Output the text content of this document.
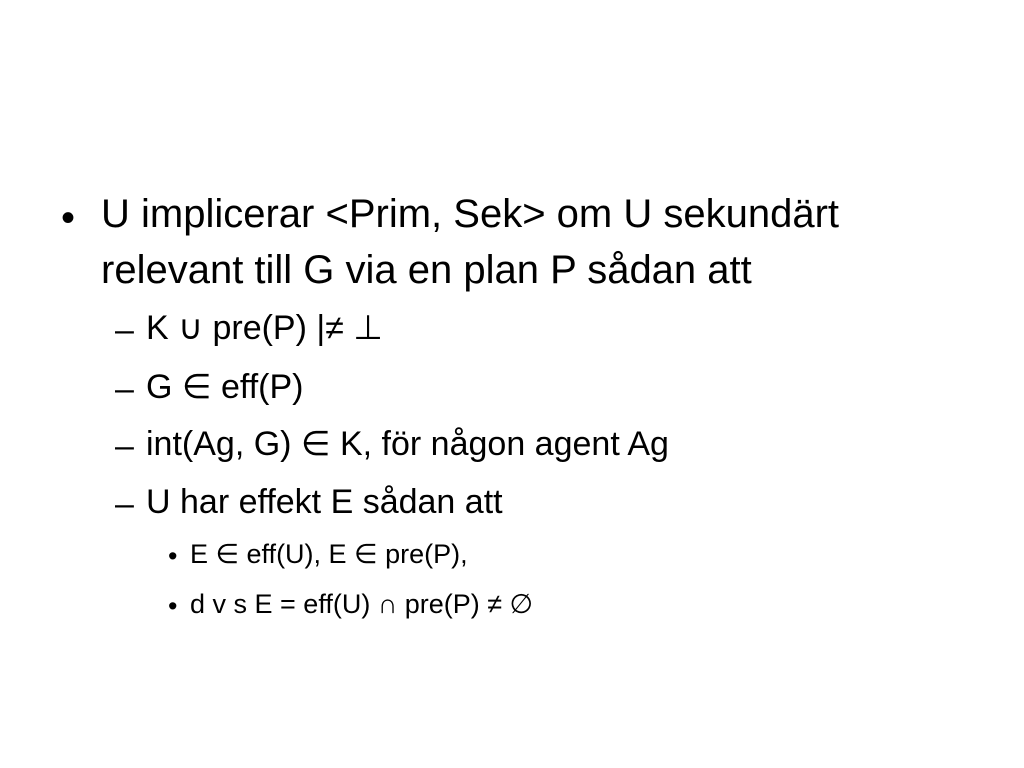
• U implicerar <Prim, Sek> om U sekundärt
relevant till G via en plan P sådan att
– K ∪ pre(P) |≠ ⊥
– G ∈ eff(P)
– int(Ag, G) ∈ K, för någon agent Ag
– U har effekt E sådan att
• E ∈ eff(U), E ∈ pre(P),
• d v s E = eff(U) ∩ pre(P) ≠ ∅
